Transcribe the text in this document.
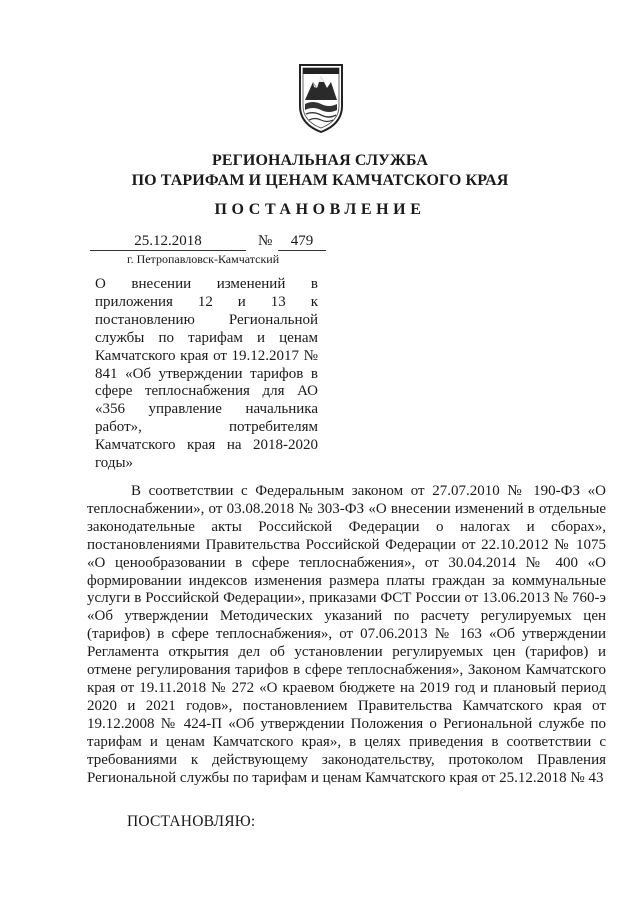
РЕГИОНАЛЬНАЯ СЛУЖБА
ПО ТАРИФАМ И ЦЕНАМ КАМЧАТСКОГО КРАЯ
ПОСТАНОВЛЕНИЕ
25.12.2018	№	479
г. Петропавловск-Камчатский
О внесении изменений в приложения 12 и 13 к постановлению Региональной службы по тарифам и ценам Камчатского края от 19.12.2017 № 841 «Об утверждении тарифов в сфере теплоснабжения для АО «356 управление начальника работ», потребителям Камчатского края на 2018-2020 годы»

В соответствии с Федеральным законом от 27.07.2010 № 190-ФЗ «О теплоснабжении», от 03.08.2018 № 303-ФЗ «О внесении изменений в отдельные законодательные акты Российской Федерации о налогах и сборах», постановлениями Правительства Российской Федерации от 22.10.2012 № 1075 «О ценообразовании в сфере теплоснабжения», от 30.04.2014 № 400 «О формировании индексов изменения размера платы граждан за коммунальные услуги в Российской Федерации», приказами ФСТ России от 13.06.2013 № 760-э «Об утверждении Методических указаний по расчету регулируемых цен (тарифов) в сфере теплоснабжения», от 07.06.2013 № 163 «Об утверждении Регламента открытия дел об установлении регулируемых цен (тарифов) и отмене регулирования тарифов в сфере теплоснабжения», Законом Камчатского края от 19.11.2018 № 272 «О краевом бюджете на 2019 год и плановый период 2020 и 2021 годов», постановлением Правительства Камчатского края от 19.12.2008 № 424-П «Об утверждении Положения о Региональной службе по тарифам и ценам Камчатского края», в целях приведения в соответствии с требованиями к действующему законодательству, протоколом Правления Региональной службы по тарифам и ценам Камчатского края от 25.12.2018 № 43

ПОСТАНОВЛЯЮ:
